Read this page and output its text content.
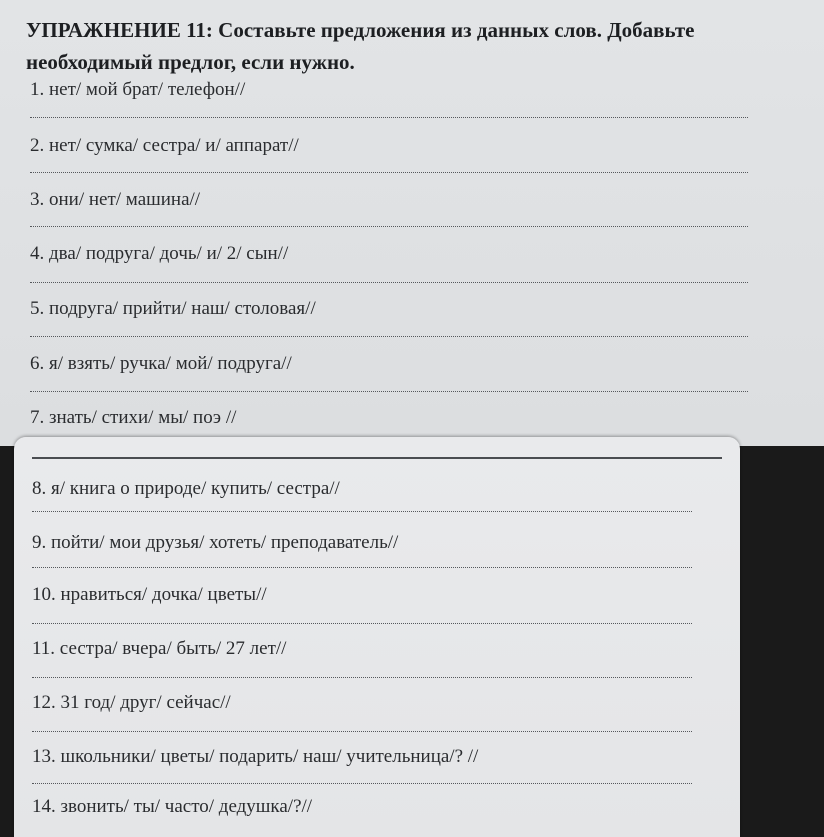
УПРАЖНЕНИЕ 11: Составьте предложения из данных слов. Добавьте необходимый предлог, если нужно.

1. нет/ мой брат/ телефон//
2. нет/ сумка/ сестра/ и/ аппарат//
3. они/ нет/ машина//
4. два/ подруга/ дочь/ и/ 2/ сын//
5. подруга/ прийти/ наш/ столовая//
6. я/ взять/ ручка/ мой/ подруга//
7. знать/ стихи/ мы/ поэ //
8. я/ книга о природе/ купить/ сестра//
9. пойти/ мои друзья/ хотеть/ преподаватель//
10. нравиться/ дочка/ цветы//
11. сестра/ вчера/ быть/ 27 лет//
12. 31 год/ друг/ сейчас//
13. школьники/ цветы/ подарить/ наш/ учительница/? //
14. звонить/ ты/ часто/ дедушка/?//
